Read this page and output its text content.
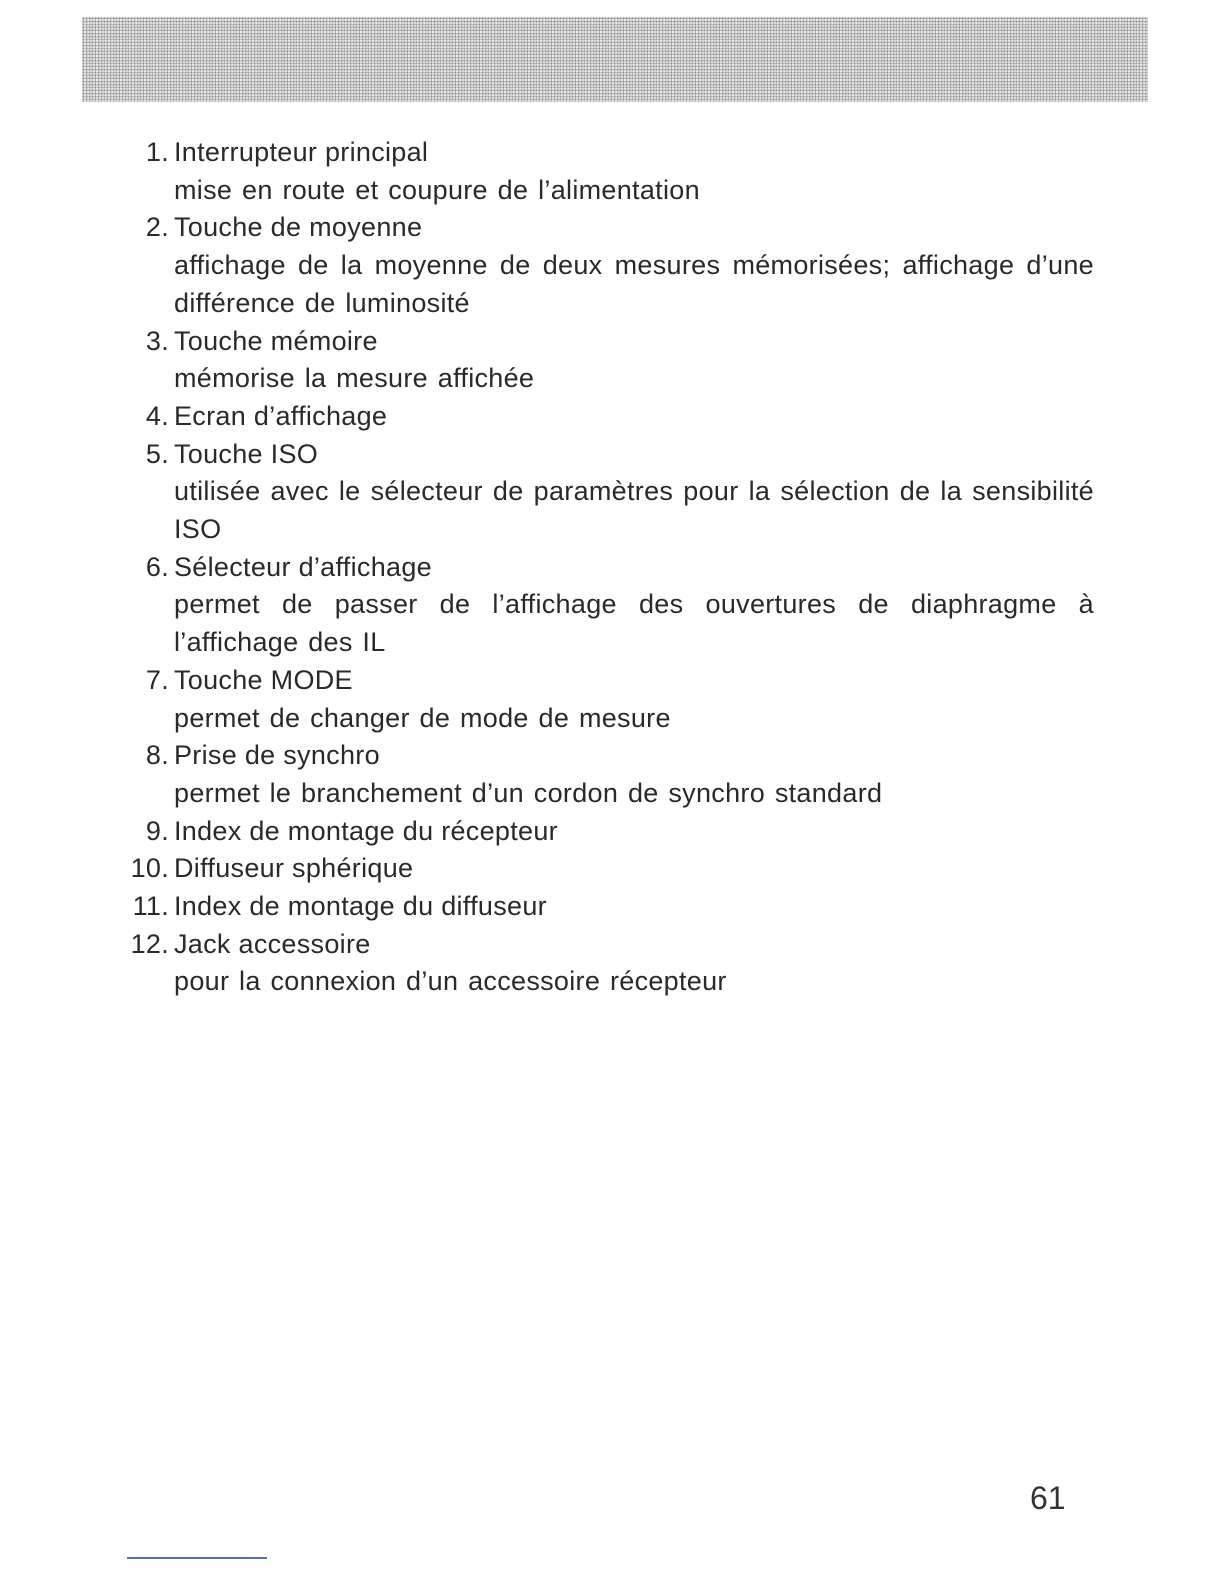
1. Interrupteur principal
mise en route et coupure de l’alimentation
2. Touche de moyenne
affichage de la moyenne de deux mesures mémorisées; affichage d’une différence de luminosité
3. Touche mémoire
mémorise la mesure affichée
4. Ecran d’affichage
5. Touche ISO
utilisée avec le sélecteur de paramètres pour la sélection de la sensibilité ISO
6. Sélecteur d’affichage
permet de passer de l’affichage des ouvertures de diaphragme à l’affichage des IL
7. Touche MODE
permet de changer de mode de mesure
8. Prise de synchro
permet le branchement d’un cordon de synchro standard
9. Index de montage du récepteur
10. Diffuseur sphérique
11. Index de montage du diffuseur
12. Jack accessoire
pour la connexion d’un accessoire récepteur
61
